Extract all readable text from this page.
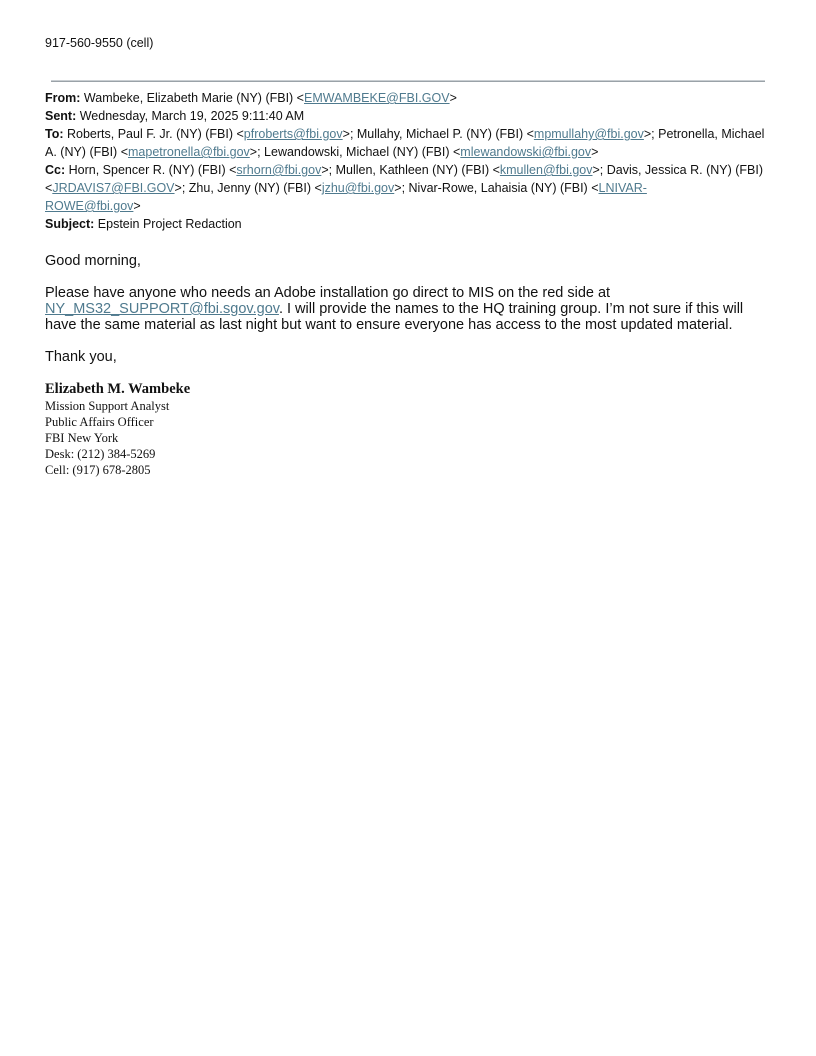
917-560-9550 (cell)
From: Wambeke, Elizabeth Marie (NY) (FBI) <EMWAMBEKE@FBI.GOV>
Sent: Wednesday, March 19, 2025 9:11:40 AM
To: Roberts, Paul F. Jr. (NY) (FBI) <pfroberts@fbi.gov>; Mullahy, Michael P. (NY) (FBI) <mpmullahy@fbi.gov>; Petronella, Michael A. (NY) (FBI) <mapetronella@fbi.gov>; Lewandowski, Michael (NY) (FBI) <mlewandowski@fbi.gov>
Cc: Horn, Spencer R. (NY) (FBI) <srhorn@fbi.gov>; Mullen, Kathleen (NY) (FBI) <kmullen@fbi.gov>; Davis, Jessica R. (NY) (FBI) <JRDAVIS7@FBI.GOV>; Zhu, Jenny (NY) (FBI) <jzhu@fbi.gov>; Nivar-Rowe, Lahaisia (NY) (FBI) <LNIVAR-
ROWE@fbi.gov>
Subject: Epstein Project Redaction

Good morning,

Please have anyone who needs an Adobe installation go direct to MIS on the red side at
NY_MS32_SUPPORT@fbi.sgov.gov. I will provide the names to the HQ training group. I’m not sure if this will have the same material as last night but want to ensure everyone has access to the most updated material.

Thank you,

Elizabeth M. Wambeke
Mission Support Analyst
Public Affairs Officer
FBI New York
Desk: (212) 384-5269
Cell: (917) 678-2805
